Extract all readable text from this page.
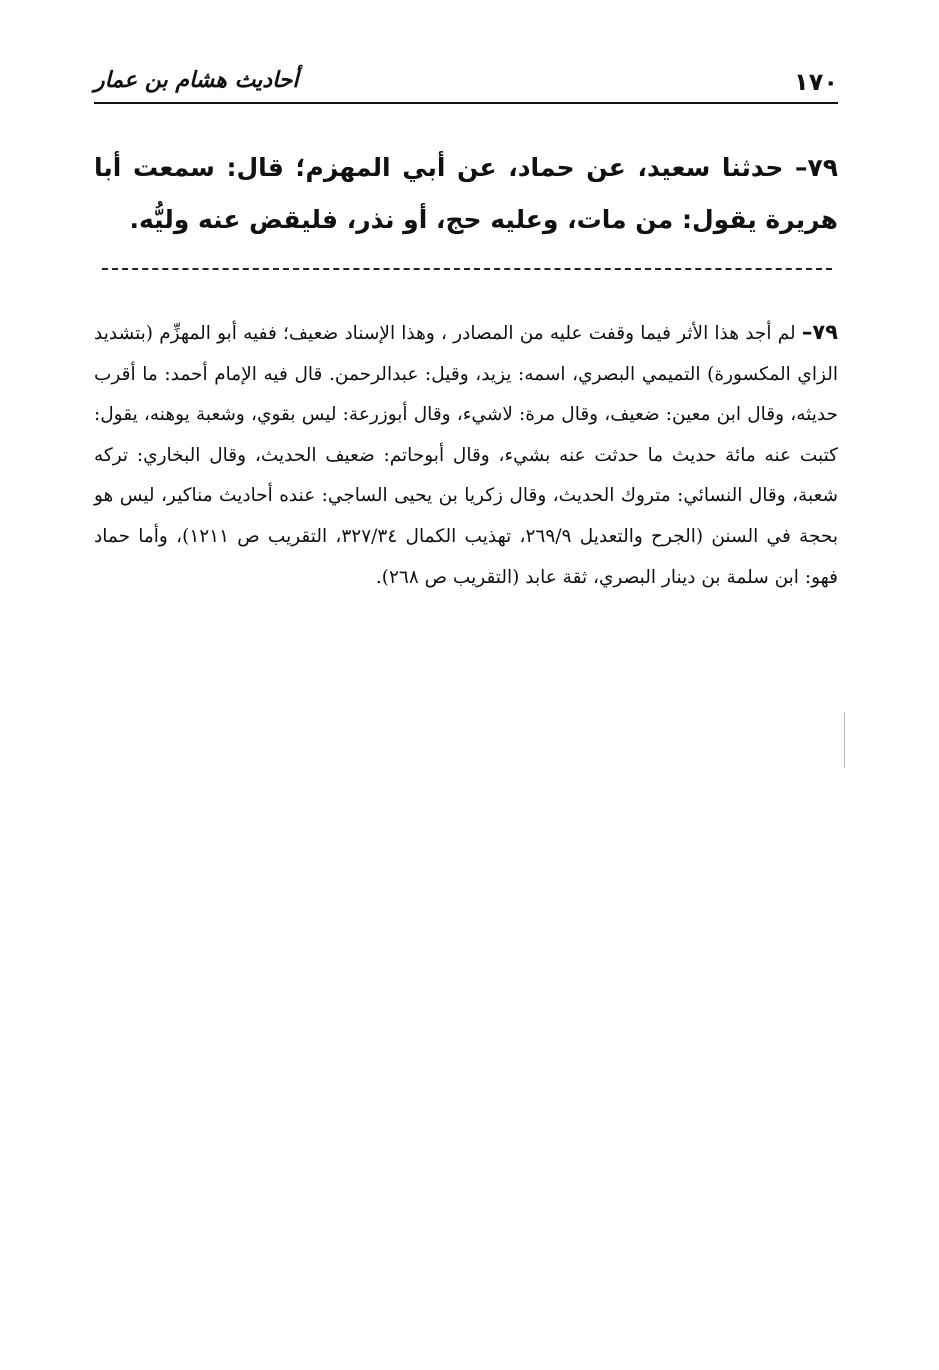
١٧٠
أحاديث هشام بن عمار

٧٩– حدثنا سعيد، عن حماد، عن أبي المهزم؛ قال: سمعت أبا هريرة يقول: من مات، وعليه حج، أو نذر، فليقض عنه وليُّه.

٧٩– لم أجد هذا الأثر فيما وقفت عليه من المصادر ، وهذا الإسناد ضعيف؛ ففيه أبو المهزِّم (بتشديد الزاي المكسورة) التميمي البصري، اسمه: يزيد، وقيل: عبدالرحمن. قال فيه الإمام أحمد: ما أقرب حديثه، وقال ابن معين: ضعيف، وقال مرة: لاشيء، وقال أبوزرعة: ليس بقوي، وشعبة يوهنه، يقول: كتبت عنه مائة حديث ما حدثت عنه بشيء، وقال أبوحاتم: ضعيف الحديث، وقال البخاري: تركه شعبة، وقال النسائي: متروك الحديث، وقال زكريا بن يحيى الساجي: عنده أحاديث مناكير، ليس هو بحجة في السنن (الجرح والتعديل ٢٦٩/٩، تهذيب الكمال ٣٢٧/٣٤، التقريب ص ١٢١١)، وأما حماد فهو: ابن سلمة بن دينار البصري، ثقة عابد (التقريب ص ٢٦٨).
